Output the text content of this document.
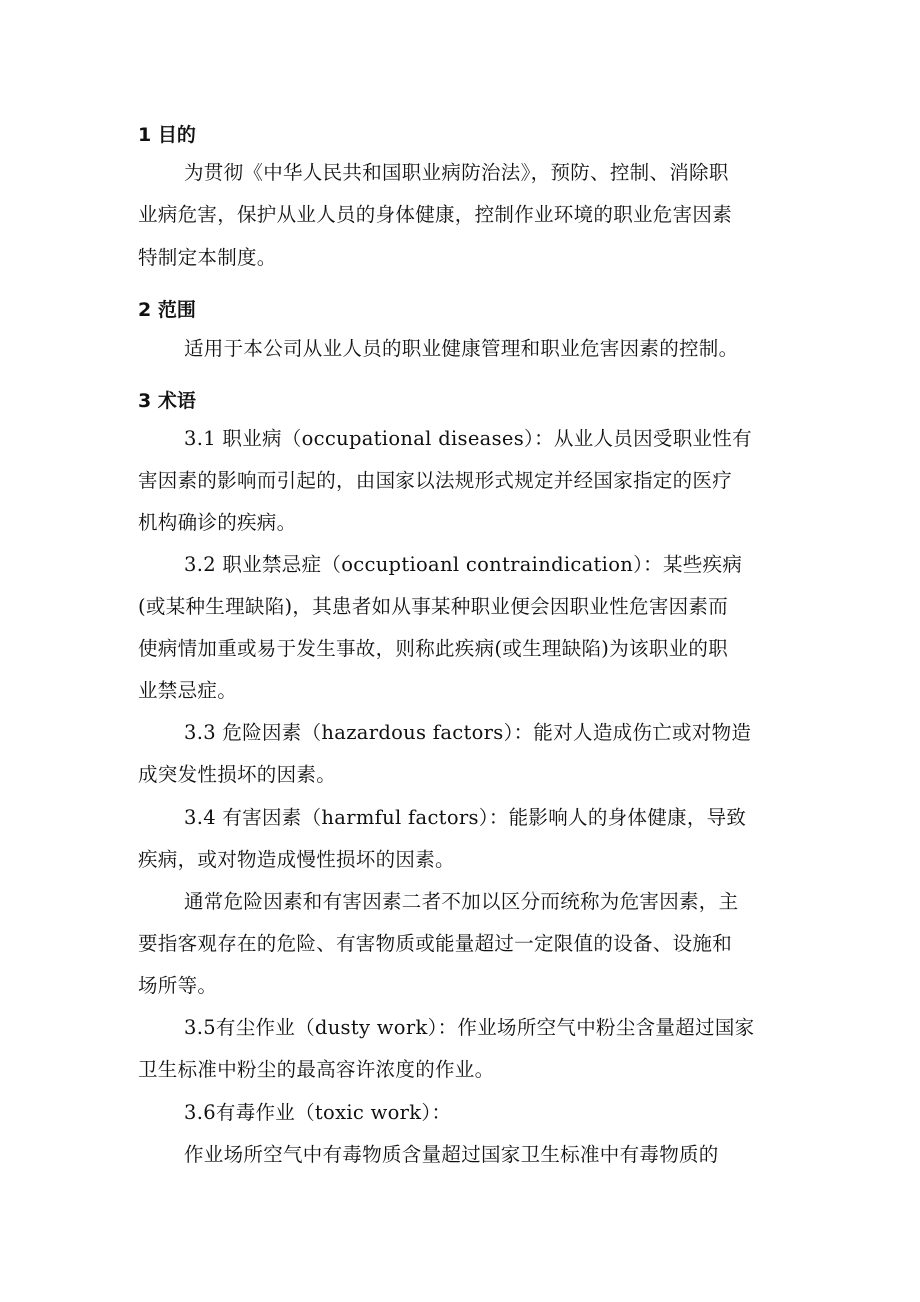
1 目的
为贯彻《中华人民共和国职业病防治法》，预防、控制、消除职
业病危害，保护从业人员的身体健康，控制作业环境的职业危害因素
特制定本制度。
2 范围
适用于本公司从业人员的职业健康管理和职业危害因素的控制。
3 术语
3.1 职业病（occupational diseases）：从业人员因受职业性有
害因素的影响而引起的，由国家以法规形式规定并经国家指定的医疗
机构确诊的疾病。
3.2 职业禁忌症（occuptioanl contraindication）：某些疾病
(或某种生理缺陷)，其患者如从事某种职业便会因职业性危害因素而
使病情加重或易于发生事故，则称此疾病(或生理缺陷)为该职业的职
业禁忌症。
3.3 危险因素（hazardous factors）：能对人造成伤亡或对物造
成突发性损坏的因素。
3.4 有害因素（harmful factors）：能影响人的身体健康，导致
疾病，或对物造成慢性损坏的因素。
通常危险因素和有害因素二者不加以区分而统称为危害因素，主
要指客观存在的危险、有害物质或能量超过一定限值的设备、设施和
场所等。
3.5有尘作业（dusty work）：作业场所空气中粉尘含量超过国家
卫生标准中粉尘的最高容许浓度的作业。
3.6有毒作业（toxic work）：
作业场所空气中有毒物质含量超过国家卫生标准中有毒物质的
